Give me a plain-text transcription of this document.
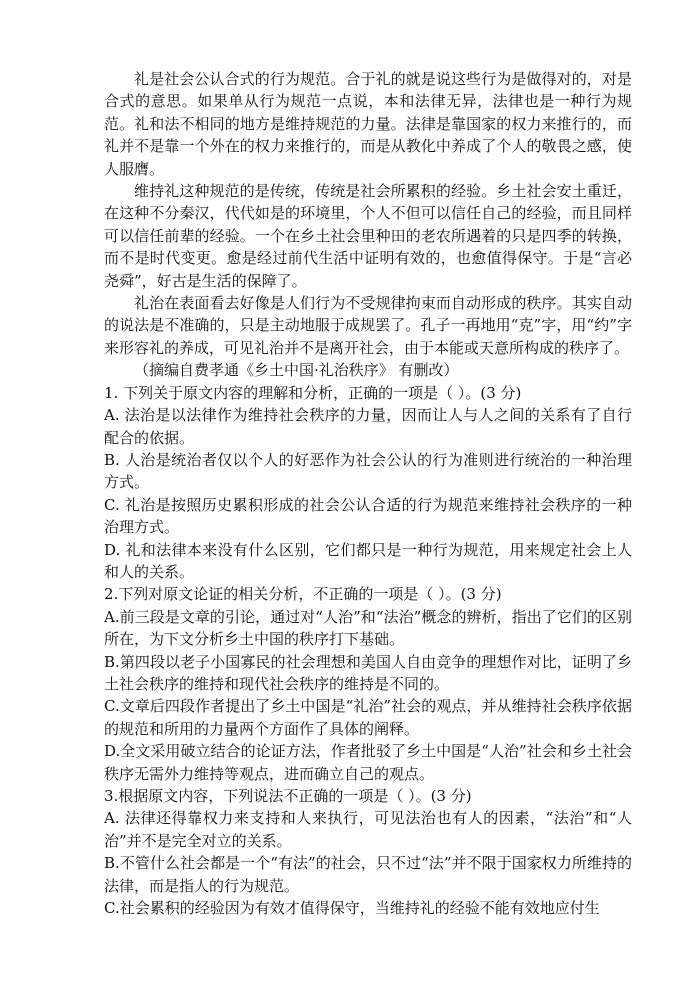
礼是社会公认合式的行为规范。合于礼的就是说这些行为是做得对的，对是合式的意思。如果单从行为规范一点说，本和法律无异，法律也是一种行为规范。礼和法不相同的地方是维持规范的力量。法律是靠国家的权力来推行的，而礼并不是靠一个外在的权力来推行的，而是从教化中养成了个人的敬畏之感，使人服膺。

维持礼这种规范的是传统，传统是社会所累积的经验。乡土社会安土重迁，在这种不分秦汉，代代如是的环境里，个人不但可以信任自己的经验，而且同样可以信任前辈的经验。一个在乡土社会里种田的老农所遇着的只是四季的转换，而不是时代变更。愈是经过前代生活中证明有效的，也愈值得保守。于是“言必尧舜”，好古是生活的保障了。

礼治在表面看去好像是人们行为不受规律拘束而自动形成的秩序。其实自动的说法是不准确的，只是主动地服于成规罢了。孔子一再地用“克”字，用“约”字来形容礼的养成，可见礼治并不是离开社会，由于本能或天意所构成的秩序了。

（摘编自费孝通《乡土中国·礼治秩序》 有删改）

1. 下列关于原文内容的理解和分析，正确的一项是（ ）。(3 分)

A. 法治是以法律作为维持社会秩序的力量，因而让人与人之间的关系有了自行配合的依据。

B. 人治是统治者仅以个人的好恶作为社会公认的行为准则进行统治的一种治理方式。

C. 礼治是按照历史累积形成的社会公认合适的行为规范来维持社会秩序的一种治理方式。

D. 礼和法律本来没有什么区别，它们都只是一种行为规范，用来规定社会上人和人的关系。

2.下列对原文论证的相关分析，不正确的一项是（ ）。(3 分)

A.前三段是文章的引论，通过对“人治”和“法治”概念的辨析，指出了它们的区别所在，为下文分析乡土中国的秩序打下基础。

B.第四段以老子小国寡民的社会理想和美国人自由竞争的理想作对比，证明了乡土社会秩序的维持和现代社会秩序的维持是不同的。

C.文章后四段作者提出了乡土中国是“礼治”社会的观点，并从维持社会秩序依据的规范和所用的力量两个方面作了具体的阐释。

D.全文采用破立结合的论证方法，作者批驳了乡土中国是“人治”社会和乡土社会秩序无需外力维持等观点，进而确立自己的观点。

3.根据原文内容，下列说法不正确的一项是（ ）。(3 分)

A. 法律还得靠权力来支持和人来执行，可见法治也有人的因素，“法治”和“人治”并不是完全对立的关系。

B.不管什么社会都是一个“有法”的社会，只不过“法”并不限于国家权力所维持的法律，而是指人的行为规范。

C.社会累积的经验因为有效才值得保守，当维持礼的经验不能有效地应付生
